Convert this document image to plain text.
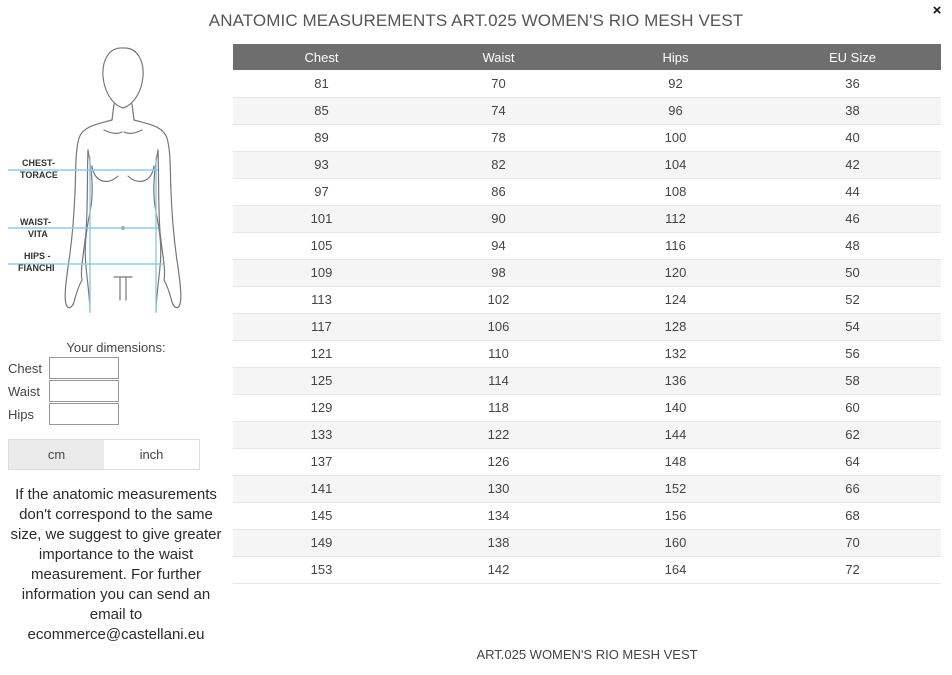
ANATOMIC MEASUREMENTS ART.025 WOMEN'S RIO MESH VEST
×
CHEST-
TORACE
WAIST-
VITA
HIPS -
FIANCHI
Your dimensions:
Chest
Waist
Hips
cm	inch
If the anatomic measurements don't correspond to the same size, we suggest to give greater importance to the waist measurement. For further information you can send an email to ecommerce@castellani.eu
Chest	Waist	Hips	EU Size
81	70	92	36
85	74	96	38
89	78	100	40
93	82	104	42
97	86	108	44
101	90	112	46
105	94	116	48
109	98	120	50
113	102	124	52
117	106	128	54
121	110	132	56
125	114	136	58
129	118	140	60
133	122	144	62
137	126	148	64
141	130	152	66
145	134	156	68
149	138	160	70
153	142	164	72
ART.025 WOMEN'S RIO MESH VEST
